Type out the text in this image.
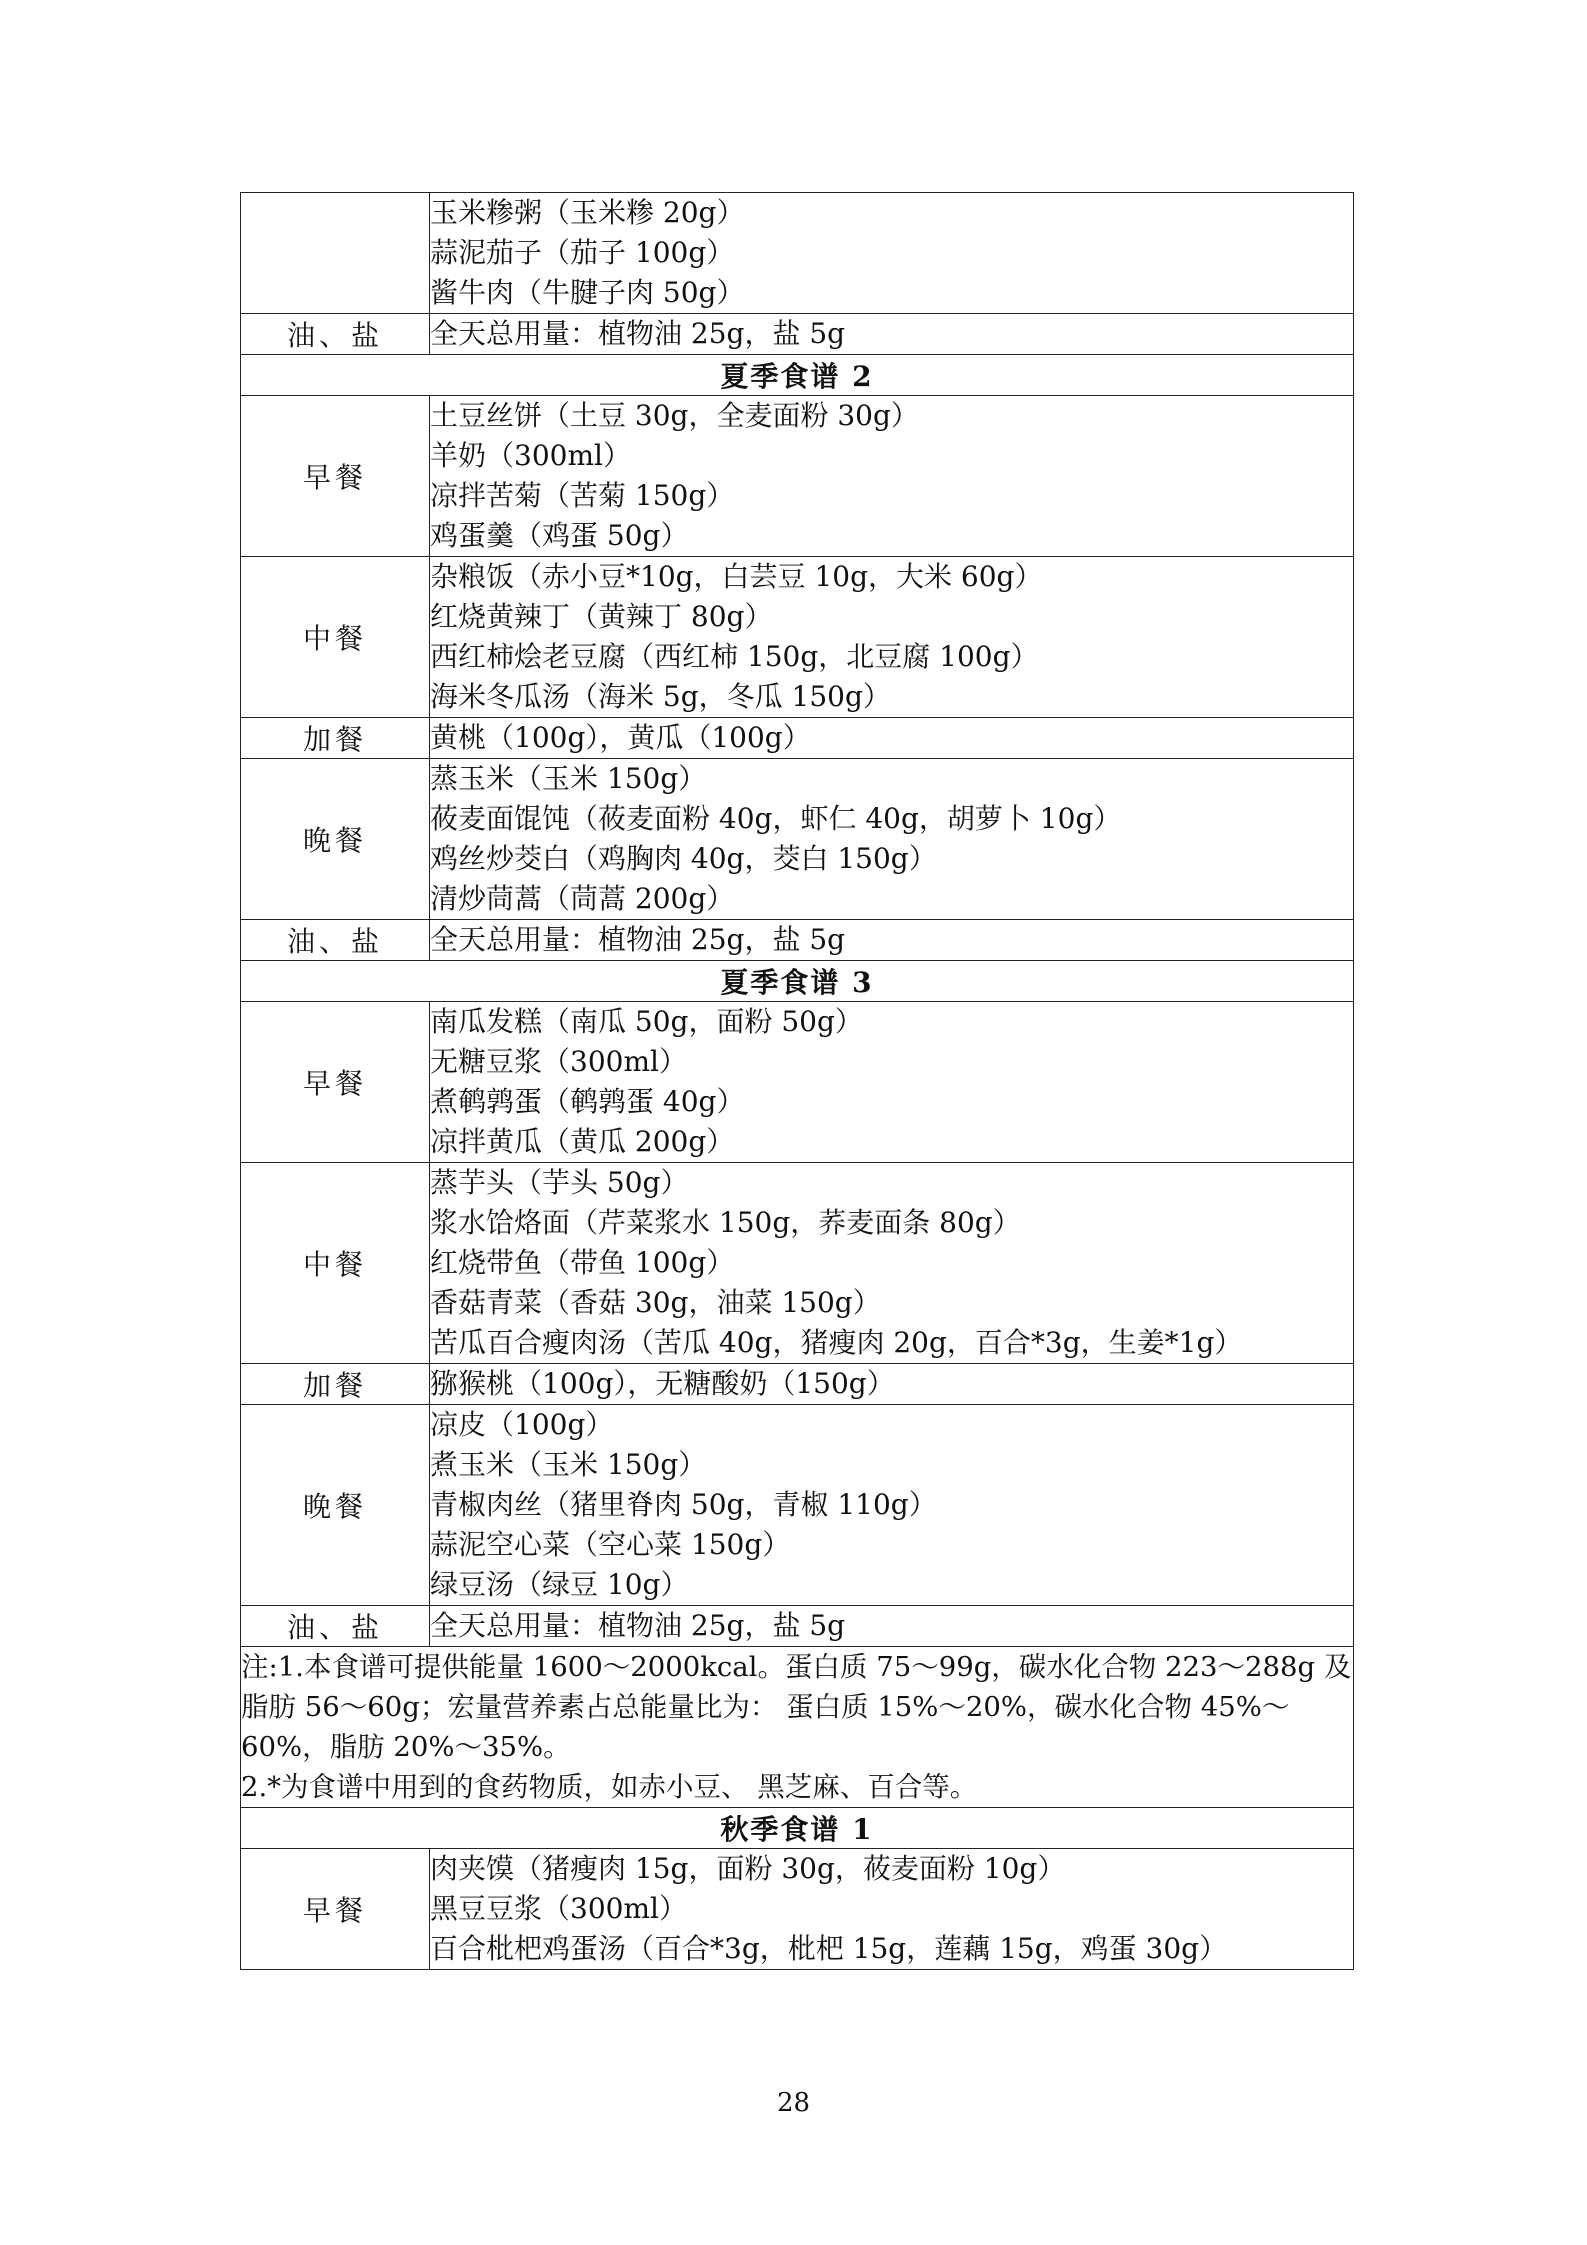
	玉米糁粥（玉米糁 20g）
蒜泥茄子（茄子 100g）
酱牛肉（牛腱子肉 50g）

油、盐	全天总用量：植物油 25g，盐 5g

夏季食谱 2	
早餐	土豆丝饼（土豆 30g，全麦面粉 30g）
羊奶（300ml）
凉拌苦菊（苦菊 150g）
鸡蛋羹（鸡蛋 50g）

中餐	杂粮饭（赤小豆*10g，白芸豆 10g，大米 60g）
红烧黄辣丁（黄辣丁 80g）
西红柿烩老豆腐（西红柿 150g，北豆腐 100g）
海米冬瓜汤（海米 5g，冬瓜 150g）

加餐	黄桃（100g），黄瓜（100g）

晚餐	蒸玉米（玉米 150g）
莜麦面馄饨（莜麦面粉 40g，虾仁 40g，胡萝卜 10g）
鸡丝炒茭白（鸡胸肉 40g，茭白 150g）
清炒茼蒿（茼蒿 200g）

油、盐	全天总用量：植物油 25g，盐 5g

夏季食谱 3	
早餐	南瓜发糕（南瓜 50g，面粉 50g）
无糖豆浆（300ml）
煮鹌鹑蛋（鹌鹑蛋 40g）
凉拌黄瓜（黄瓜 200g）

中餐	蒸芋头（芋头 50g）
浆水饸烙面（芹菜浆水 150g，荞麦面条 80g）
红烧带鱼（带鱼 100g）
香菇青菜（香菇 30g，油菜 150g）
苦瓜百合瘦肉汤（苦瓜 40g，猪瘦肉 20g，百合*3g，生姜*1g）

加餐	猕猴桃（100g），无糖酸奶（150g）

晚餐	凉皮（100g）
煮玉米（玉米 150g）
青椒肉丝（猪里脊肉 50g，青椒 110g）
蒜泥空心菜（空心菜 150g）
绿豆汤（绿豆 10g）

油、盐	全天总用量：植物油 25g，盐 5g

注:1.本食谱可提供能量 1600～2000kcal。蛋白质 75～99g，碳水化合物 223～288g 及脂肪 56～60g；宏量营养素占总能量比为： 蛋白质 15%～20%，碳水化合物 45%～60%，脂肪 20%～35%。
2.*为食谱中用到的食药物质，如赤小豆、 黑芝麻、百合等。	

秋季食谱 1	
早餐	肉夹馍（猪瘦肉 15g，面粉 30g，莜麦面粉 10g）
黑豆豆浆（300ml）
百合枇杷鸡蛋汤（百合*3g，枇杷 15g，莲藕 15g，鸡蛋 30g）
28
